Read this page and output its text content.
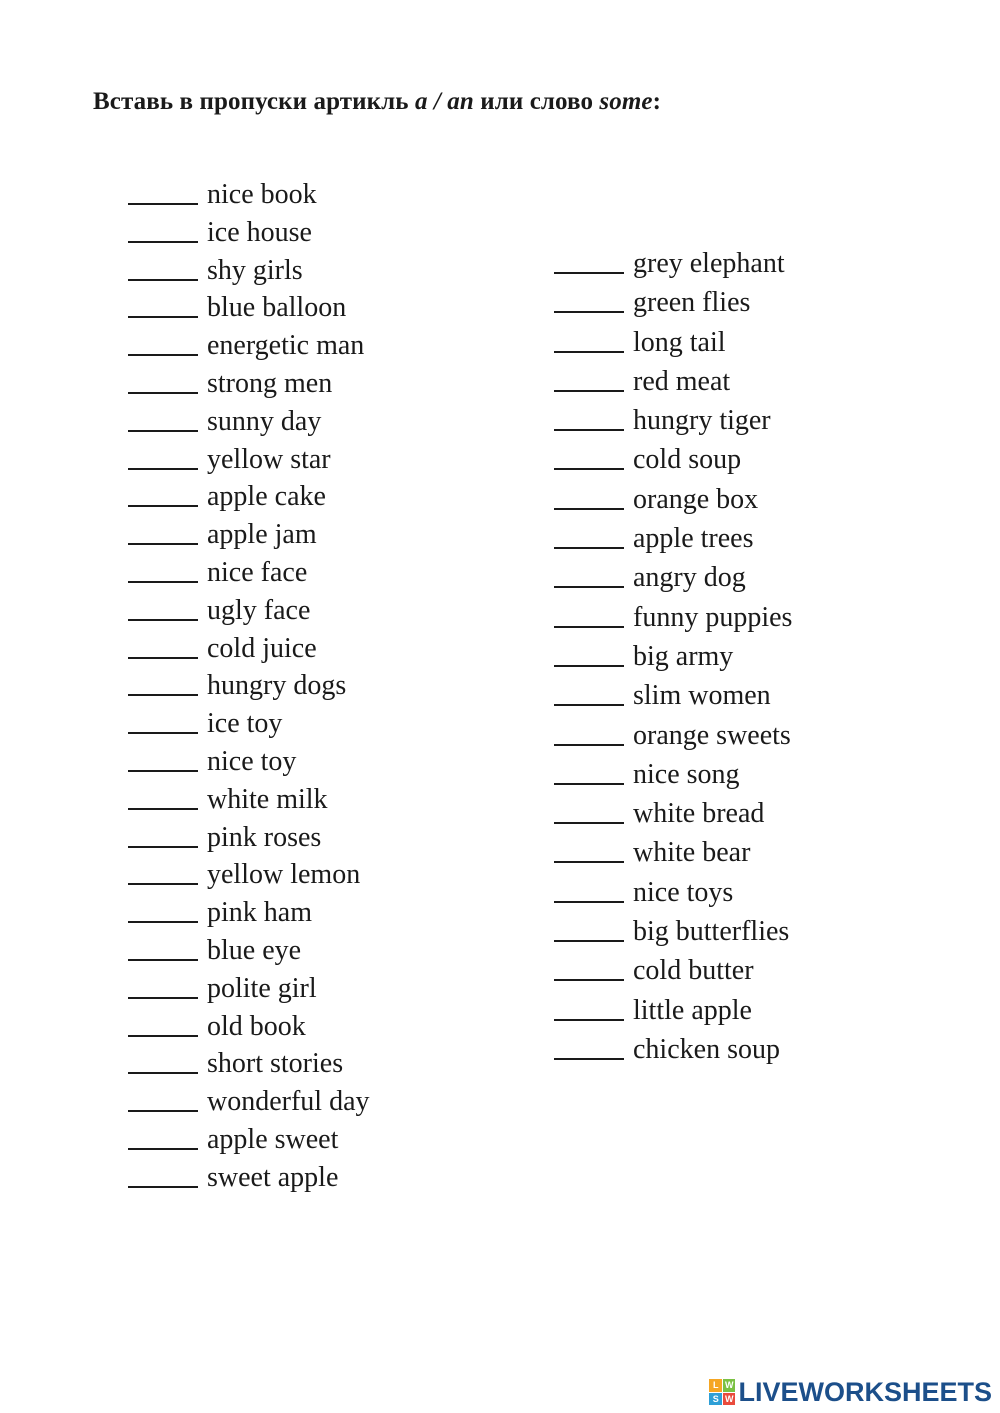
Вставь в пропуски артикль a / an или слово some:
nice book
ice house
shy girls
blue balloon
energetic man
strong men
sunny day
yellow star
apple cake
apple jam
nice face
ugly face
cold juice
hungry dogs
ice toy
nice toy
white milk
pink roses
yellow lemon
pink ham
blue eye
polite girl
old book
short stories
wonderful day
apple sweet
sweet apple
grey elephant
green flies
long tail
red meat
hungry tiger
cold soup
orange box
apple trees
angry dog
funny puppies
big army
slim women
orange sweets
nice song
white bread
white bear
nice toys
big butterflies
cold butter
little apple
chicken soup
L W
S W LIVEWORKSHEETS
